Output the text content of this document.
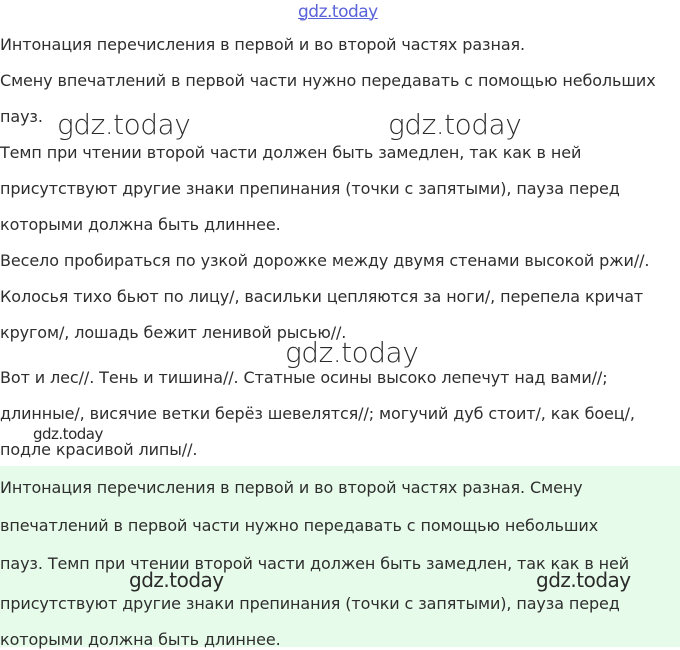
gdz.today
Интонация перечисления в первой и во второй частях разная.
Смену впечатлений в первой части нужно передавать с помощью небольших
пауз.
Темп при чтении второй части должен быть замедлен, так как в ней
присутствуют другие знаки препинания (точки с запятыми), пауза перед
которыми должна быть длиннее.
Весело пробираться по узкой дорожке между двумя стенами высокой ржи//.
Колосья тихо бьют по лицу/, васильки цепляются за ноги/, перепела кричат
кругом/, лошадь бежит ленивой рысью//.
Вот и лес//. Тень и тишина//. Статные осины высоко лепечут над вами//;
длинные/, висячие ветки берёз шевелятся//; могучий дуб стоит/, как боец/,
подле красивой липы//.
Интонация перечисления в первой и во второй частях разная. Смену
впечатлений в первой части нужно передавать с помощью небольших
пауз. Темп при чтении второй части должен быть замедлен, так как в ней
присутствуют другие знаки препинания (точки с запятыми), пауза перед
которыми должна быть длиннее.
gdz.today	gdz.today
gdz.today
gdz.today
gdz.today	gdz.today
